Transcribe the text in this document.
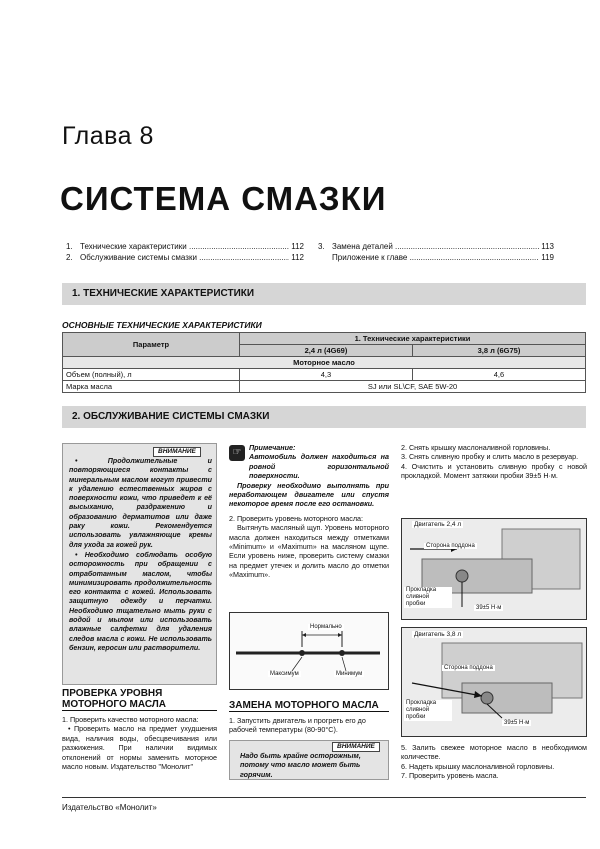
Глава 8
СИСТЕМА СМАЗКИ
1. Технические характеристики .....	112
2. Обслуживание системы смазки .....	112
3. Замена деталей .....	113
Приложение к главе .....	119
1. ТЕХНИЧЕСКИЕ ХАРАКТЕРИСТИКИ
ОСНОВНЫЕ ТЕХНИЧЕСКИЕ ХАРАКТЕРИСТИКИ
Параметр	1. Технические характеристики	
	2,4 л (4G69)	3,8 л (6G75)
Моторное масло		
Объем (полный), л	4,3	4,6
Марка масла	SJ или SL\CF, SAE 5W-20	
2. ОБСЛУЖИВАНИЕ СИСТЕМЫ СМАЗКИ
ВНИМАНИЕ

• Продолжительные и повторяющиеся контакты с минеральным маслом могут привести к удалению естественных жиров с поверхности кожи, что приведет к её высыханию, раздражению и образованию дерматитов или даже раку кожи. Рекомендуется использовать увлажняющие кремы для ухода за кожей рук.

• Необходимо соблюдать особую осторожность при обращении с отработанным маслом, чтобы минимизировать продолжительность его контакта с кожей. Использовать защитную одежду и перчатки. Необходимо тщательно мыть руки с водой и мылом или использовать влажные салфетки для удаления следов масла с кожи. Не использовать бензин, керосин или растворители.

ПРОВЕРКА УРОВНЯ
МОТОРНОГО МАСЛА

1. Проверить качество моторного масла:

• Проверить масло на предмет ухудшения вида, наличия воды, обесцвечивания или разжижения. При наличии видимых отклонений от нормы заменить моторное масло новым. Издательство "Монолит"

☞	Примечание:

Автомобиль должен находиться на ровной горизонтальной поверхности.

Проверку необходимо выполнять при неработающем двигателе или спустя некоторое время после его остановки.

2. Проверить уровень моторного масла:

Вытянуть масляный щуп. Уровень моторного масла должен находиться между отметками «Minimum» и «Maximum» на масляном щупе. Если уровень ниже, проверить систему смазки на предмет утечек и долить масло до отметки «Maximum».

Нормально
Максимум	Минимум
ЗАМЕНА МОТОРНОГО МАСЛА
1. Запустить двигатель и прогреть его до рабочей температуры (80-90°С).
ВНИМАНИЕ
Надо быть крайне осторожным, потому что масло может быть горячим.

2. Снять крышку маслоналивной горловины.

3. Снять сливную пробку и слить масло в резервуар.

4. Очистить и установить сливную пробку с новой прокладкой. Момент затяжки пробки 39±5 Н·м.

Двигатель 2,4 л
Сторона поддона
Прокладка сливной пробки
39±5 Н·м
Двигатель 3,8 л
Сторона поддона
Прокладка сливной пробки
39±5 Н·м

5. Залить свежее моторное масло в необходимом количестве.

6. Надеть крышку маслоналивной горловины.

7. Проверить уровень масла.

Издательство «Монолит»
